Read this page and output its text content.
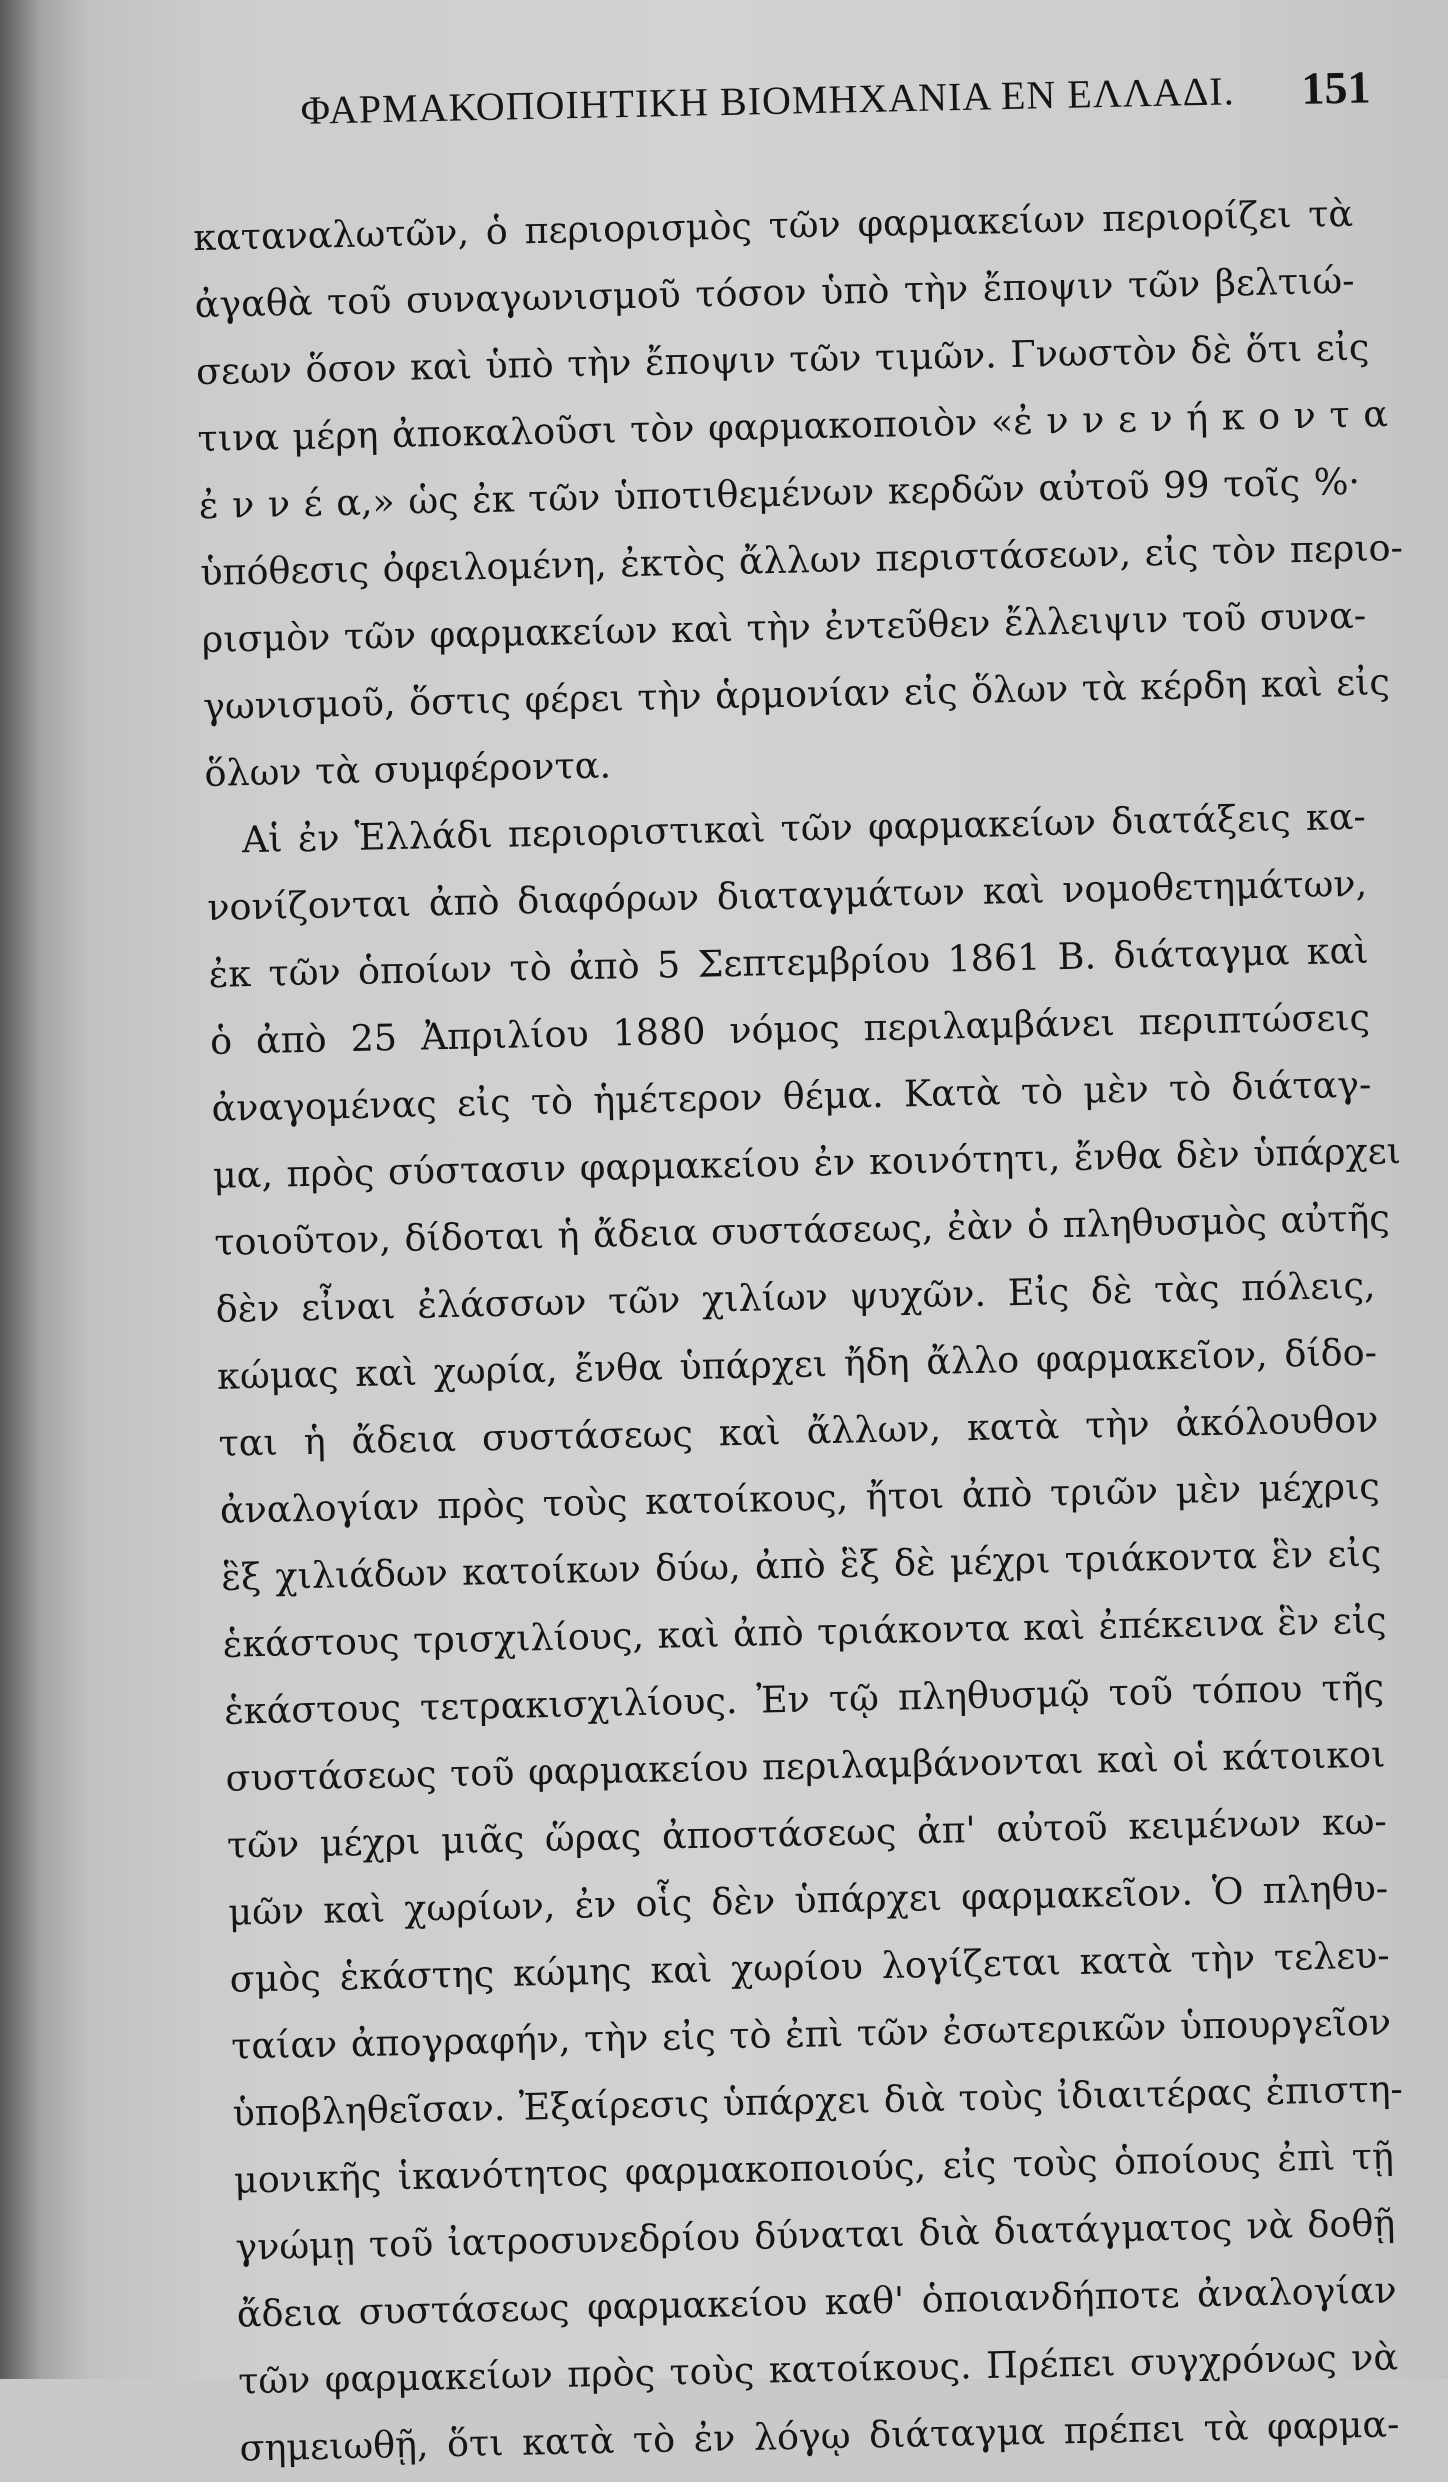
ΦΑΡΜΑΚΟΠΟΙΗΤΙΚΗ ΒΙΟΜΗΧΑΝΙΑ ΕΝ ΕΛΛΑΔΙ. 151
καταναλωτῶν, ὁ περιορισμὸς τῶν φαρμακείων περιορίζει τὰ
ἀγαθὰ τοῦ συναγωνισμοῦ τόσον ὑπὸ τὴν ἔποψιν τῶν βελτιώ-
σεων ὅσον καὶ ὑπὸ τὴν ἔποψιν τῶν τιμῶν. Γνωστὸν δὲ ὅτι εἰς
τινα μέρη ἀποκαλοῦσι τὸν φαρμακοποιὸν «ἐ ν ν ε ν ή κ ο ν τ α
ἐ ν ν έ α,» ὡς ἐκ τῶν ὑποτιθεμένων κερδῶν αὐτοῦ 99 τοῖς %·
ὑπόθεσις ὀφειλομένη, ἐκτὸς ἄλλων περιστάσεων, εἰς τὸν περιο-
ρισμὸν τῶν φαρμακείων καὶ τὴν ἐντεῦθεν ἔλλειψιν τοῦ συνα-
γωνισμοῦ, ὅστις φέρει τὴν ἁρμονίαν εἰς ὅλων τὰ κέρδη καὶ εἰς
ὅλων τὰ συμφέροντα.
Αἱ ἐν Ἑλλάδι περιοριστικαὶ τῶν φαρμακείων διατάξεις κα-
νονίζονται ἀπὸ διαφόρων διαταγμάτων καὶ νομοθετημάτων,
ἐκ τῶν ὁποίων τὸ ἀπὸ 5 Σεπτεμβρίου 1861 Β. διάταγμα καὶ
ὁ ἀπὸ 25 Ἀπριλίου 1880 νόμος περιλαμβάνει περιπτώσεις
ἀναγομένας εἰς τὸ ἡμέτερον θέμα. Κατὰ τὸ μὲν τὸ διάταγ-
μα, πρὸς σύστασιν φαρμακείου ἐν κοινότητι, ἔνθα δὲν ὑπάρχει
τοιοῦτον, δίδοται ἡ ἄδεια συστάσεως, ἐὰν ὁ πληθυσμὸς αὐτῆς
δὲν εἶναι ἐλάσσων τῶν χιλίων ψυχῶν. Εἰς δὲ τὰς πόλεις,
κώμας καὶ χωρία, ἔνθα ὑπάρχει ἤδη ἄλλο φαρμακεῖον, δίδο-
ται ἡ ἄδεια συστάσεως καὶ ἄλλων, κατὰ τὴν ἀκόλουθον
ἀναλογίαν πρὸς τοὺς κατοίκους, ἤτοι ἀπὸ τριῶν μὲν μέχρις
ἓξ χιλιάδων κατοίκων δύω, ἀπὸ ἓξ δὲ μέχρι τριάκοντα ἓν εἰς
ἑκάστους τρισχιλίους, καὶ ἀπὸ τριάκοντα καὶ ἐπέκεινα ἓν εἰς
ἑκάστους τετρακισχιλίους. Ἐν τῷ πληθυσμῷ τοῦ τόπου τῆς
συστάσεως τοῦ φαρμακείου περιλαμβάνονται καὶ οἱ κάτοικοι
τῶν μέχρι μιᾶς ὥρας ἀποστάσεως ἀπ' αὐτοῦ κειμένων κω-
μῶν καὶ χωρίων, ἐν οἷς δὲν ὑπάρχει φαρμακεῖον. Ὁ πληθυ-
σμὸς ἑκάστης κώμης καὶ χωρίου λογίζεται κατὰ τὴν τελευ-
ταίαν ἀπογραφήν, τὴν εἰς τὸ ἐπὶ τῶν ἐσωτερικῶν ὑπουργεῖον
ὑποβληθεῖσαν. Ἐξαίρεσις ὑπάρχει διὰ τοὺς ἰδιαιτέρας ἐπιστη-
μονικῆς ἱκανότητος φαρμακοποιούς, εἰς τοὺς ὁποίους ἐπὶ τῇ
γνώμῃ τοῦ ἰατροσυνεδρίου δύναται διὰ διατάγματος νὰ δοθῇ
ἄδεια συστάσεως φαρμακείου καθ' ὁποιανδήποτε ἀναλογίαν
τῶν φαρμακείων πρὸς τοὺς κατοίκους. Πρέπει συγχρόνως νὰ
σημειωθῇ, ὅτι κατὰ τὸ ἐν λόγῳ διάταγμα πρέπει τὰ φαρμα-
